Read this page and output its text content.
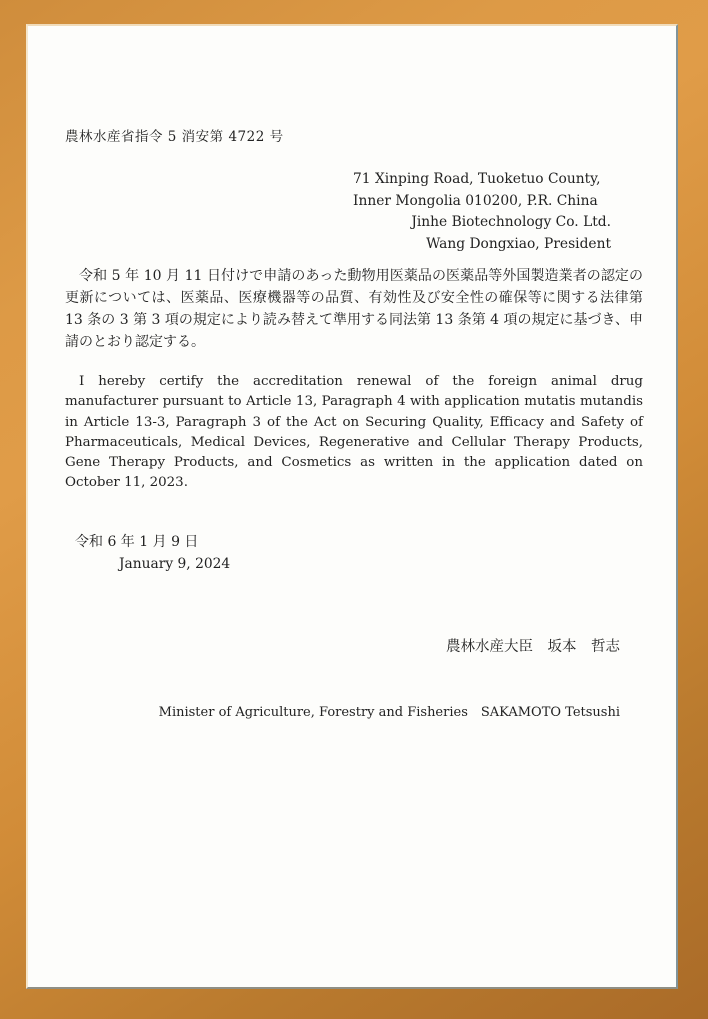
農林水産省指令 5 消安第 4722 号
71 Xinping Road, Tuoketuo County,
Inner Mongolia 010200, P.R. China
Jinhe Biotechnology Co. Ltd.
Wang Dongxiao, President

令和 5 年 10 月 11 日付けで申請のあった動物用医薬品の医薬品等外国製造業者の認定の更新については、医薬品、医療機器等の品質、有効性及び安全性の確保等に関する法律第 13 条の 3 第 3 項の規定により読み替えて準用する同法第 13 条第 4 項の規定に基づき、申請のとおり認定する。

I hereby certify the accreditation renewal of the foreign animal drug manufacturer pursuant to Article 13, Paragraph 4 with application mutatis mutandis in Article 13-3, Paragraph 3 of the Act on Securing Quality, Efficacy and Safety of Pharmaceuticals, Medical Devices, Regenerative and Cellular Therapy Products, Gene Therapy Products, and Cosmetics as written in the application dated on October 11, 2023.

令和 6 年 1 月 9 日
January 9, 2024

農林水産大臣　坂本　哲志

Minister of Agriculture, Forestry and Fisheries　SAKAMOTO Tetsushi
